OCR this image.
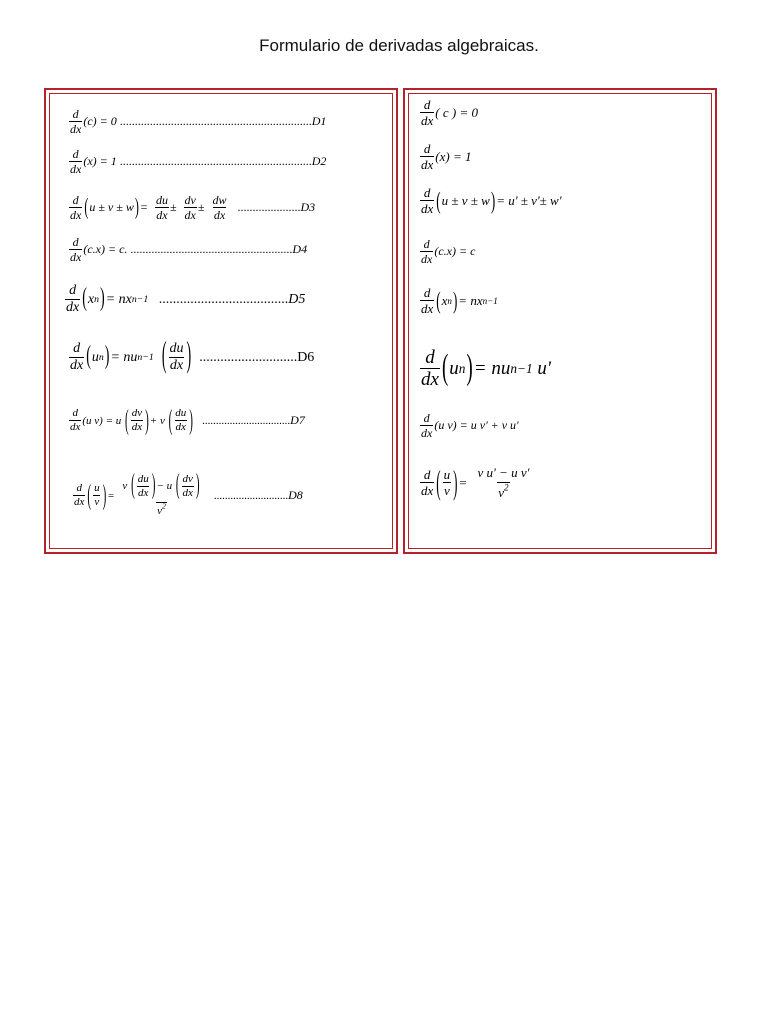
Formulario de derivadas algebraicas.
$\frac{d}{dx} (c) = 0$
................................................................ D1
$\frac{d}{dx} (x) = 1$
................................................................ D2
$\frac{d}{dx}$ ( u ± v ± w ) =
$\frac{du}{dx}$ ±
$\frac{dv}{dx}$ ±
$\frac{dw}{dx}$
..................... D3
$\frac{d}{dx} (c.x) = c$.
...................................................... D4
$\frac{d}{dx}$ ( x n ) = nx n−1
..................................... D5
$\frac{d}{dx}$ ( u n ) = nu n−1
( $\frac{du}{dx}$ )
............................ D6
$\frac{d}{dx} (u$ v) = u
( $\frac{dv}{dx}$ ) + v
( $\frac{du}{dx}$ )
................................ D7
$\frac{d}{dx}$ ( $\frac{u}{v}$ ) =
v
( $\frac{du}{dx}$ ) − u
( $\frac{dv}{dx}$ )
$v^2$
........................... D8
$\frac{d}{dx}$ ( c ) = 0
$\frac{d}{dx} (x) = 1$
$\frac{d}{dx}$ ( u ± v ± w ) = u' ± v'± w'
$\frac{d}{dx} (c.x) = c$
$\frac{d}{dx}$ ( x n ) = nx n−1
$\frac{d}{dx}$ ( u n ) = nu n−1
u'
$\frac{d}{dx} (u$ v) = u v' + v u'
$\frac{d}{dx}$ ( $\frac{u}{v}$ ) =
$\frac{\text{v u' − u v'}}{v^2}$
